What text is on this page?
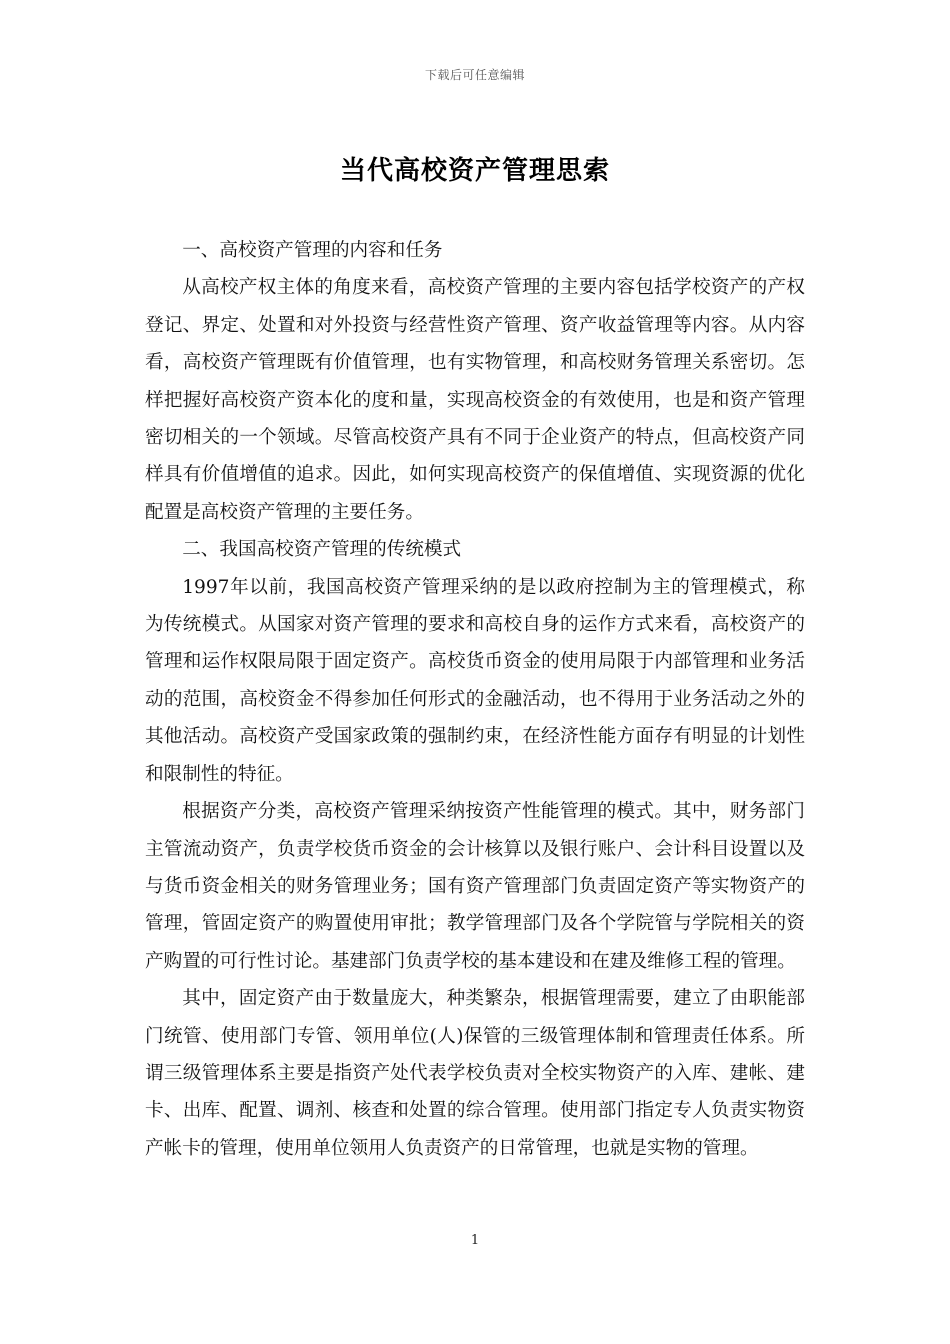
下载后可任意编辑
当代高校资产管理思索

一、高校资产管理的内容和任务

从高校产权主体的角度来看，高校资产管理的主要内容包括学校资产的产权登记、界定、处置和对外投资与经营性资产管理、资产收益管理等内容。从内容看，高校资产管理既有价值管理，也有实物管理，和高校财务管理关系密切。怎样把握好高校资产资本化的度和量，实现高校资金的有效使用，也是和资产管理密切相关的一个领域。尽管高校资产具有不同于企业资产的特点，但高校资产同样具有价值增值的追求。因此，如何实现高校资产的保值增值、实现资源的优化配置是高校资产管理的主要任务。

二、我国高校资产管理的传统模式

1997年以前，我国高校资产管理采纳的是以政府控制为主的管理模式，称为传统模式。从国家对资产管理的要求和高校自身的运作方式来看，高校资产的管理和运作权限局限于固定资产。高校货币资金的使用局限于内部管理和业务活动的范围，高校资金不得参加任何形式的金融活动，也不得用于业务活动之外的其他活动。高校资产受国家政策的强制约束，在经济性能方面存有明显的计划性和限制性的特征。

根据资产分类，高校资产管理采纳按资产性能管理的模式。其中，财务部门主管流动资产，负责学校货币资金的会计核算以及银行账户、会计科目设置以及与货币资金相关的财务管理业务；国有资产管理部门负责固定资产等实物资产的管理，管固定资产的购置使用审批；教学管理部门及各个学院管与学院相关的资产购置的可行性讨论。基建部门负责学校的基本建设和在建及维修工程的管理。

其中，固定资产由于数量庞大，种类繁杂，根据管理需要，建立了由职能部门统管、使用部门专管、领用单位(人)保管的三级管理体制和管理责任体系。所谓三级管理体系主要是指资产处代表学校负责对全校实物资产的入库、建帐、建卡、出库、配置、调剂、核查和处置的综合管理。使用部门指定专人负责实物资产帐卡的管理，使用单位领用人负责资产的日常管理，也就是实物的管理。

1
